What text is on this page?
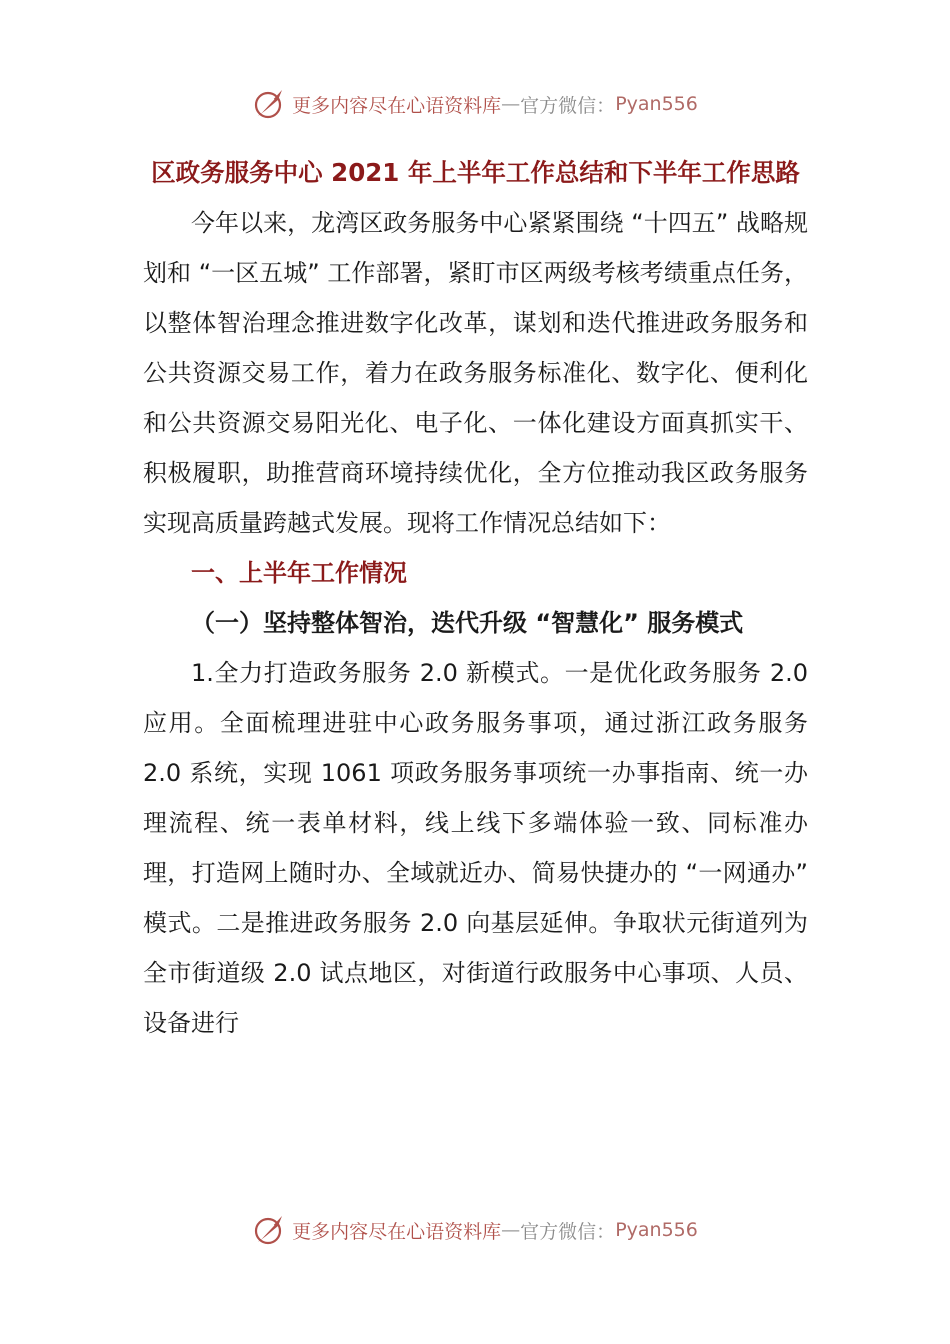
更多内容尽在心语资料库 — 官方微信： Pyan556
区政务服务中心 2021 年上半年工作总结和下半年工作思路

今年以来，龙湾区政务服务中心紧紧围绕 “十四五” 战略规划和 “一区五城” 工作部署，紧盯市区两级考核考绩重点任务，以整体智治理念推进数字化改革，谋划和迭代推进政务服务和公共资源交易工作，着力在政务服务标准化、数字化、便利化和公共资源交易阳光化、电子化、一体化建设方面真抓实干、积极履职，助推营商环境持续优化，全方位推动我区政务服务实现高质量跨越式发展。现将工作情况总结如下：

一、上半年工作情况

（一）坚持整体智治，迭代升级 “智慧化” 服务模式

1.全力打造政务服务 2.0 新模式。一是优化政务服务 2.0 应用。全面梳理进驻中心政务服务事项，通过浙江政务服务 2.0 系统，实现 1061 项政务服务事项统一办事指南、统一办理流程、统一表单材料，线上线下多端体验一致、同标准办理，打造网上随时办、全域就近办、简易快捷办的 “一网通办” 模式。二是推进政务服务 2.0 向基层延伸。争取状元街道列为全市街道级 2.0 试点地区，对街道行政服务中心事项、人员、设备进行

更多内容尽在心语资料库 — 官方微信： Pyan556
